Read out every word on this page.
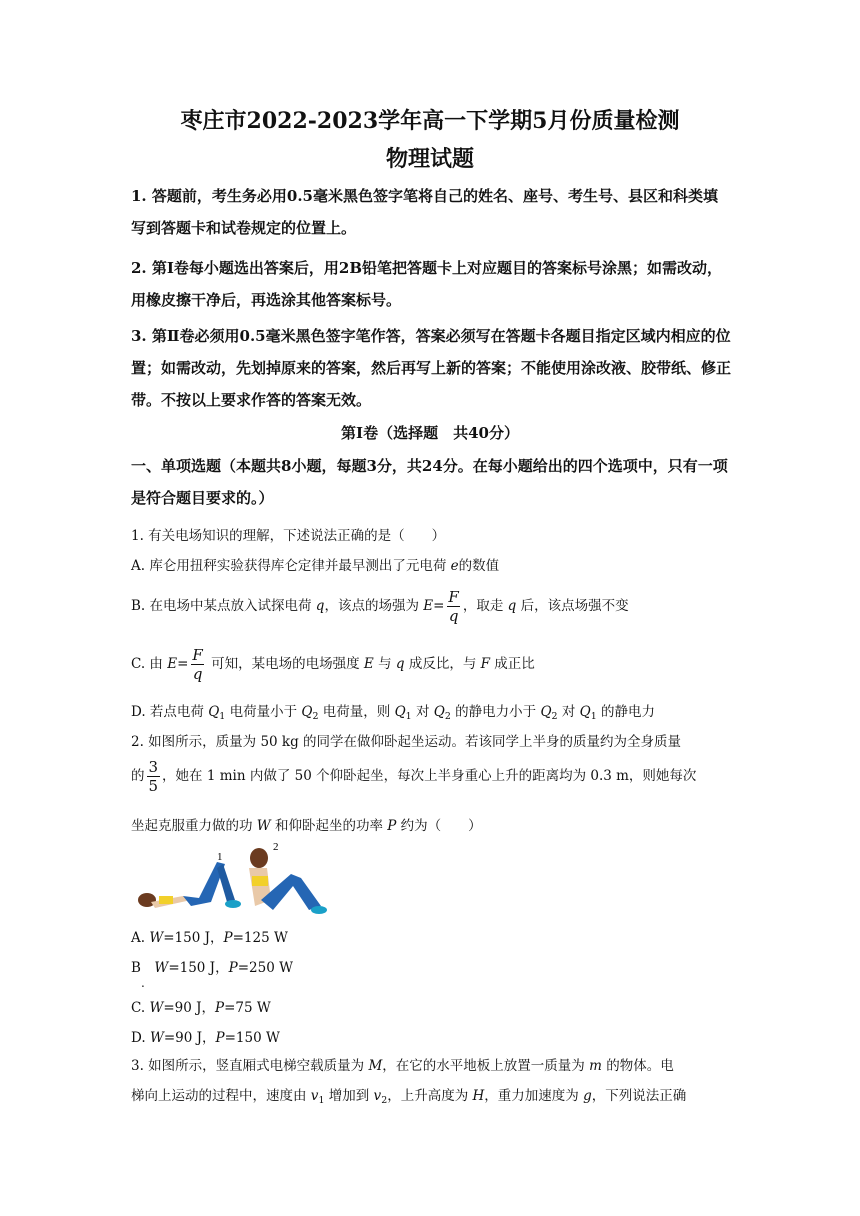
枣庄市2022-2023学年高一下学期5月份质量检测
物理试题
1. 答题前，考生务必用0.5毫米黑色签字笔将自己的姓名、座号、考生号、县区和科类填写到答题卡和试卷规定的位置上。
2. 第Ⅰ卷每小题选出答案后，用2B铅笔把答题卡上对应题目的答案标号涂黑；如需改动，用橡皮擦干净后，再选涂其他答案标号。
3. 第Ⅱ卷必须用0.5毫米黑色签字笔作答，答案必须写在答题卡各题目指定区域内相应的位置；如需改动，先划掉原来的答案，然后再写上新的答案；不能使用涂改液、胶带纸、修正带。不按以上要求作答的答案无效。
第Ⅰ卷（选择题　共40分）
一、单项选题（本题共8小题，每题3分，共24分。在每小题给出的四个选项中，只有一项是符合题目要求的。）
1. 有关电场知识的理解，下述说法正确的是（　　）
A. 库仑用扭秤实验获得库仑定律并最早测出了元电荷 e的数值
B. 在电场中某点放入试探电荷 q，该点的场强为 $E= \frac{F}{q}$ ，取走 q 后，该点场强不变
C. 由 $E= \frac{F}{q}$ 可知，某电场的电场强度 E 与 q 成反比，与 F 成正比
D. 若点电荷 $Q_1$ 电荷量小于 $Q_2$ 电荷量，则 $Q_1$ 对 $Q_2$ 的静电力小于 $Q_2$ 对 $Q_1$ 的静电力
2. 如图所示，质量为 50 kg 的同学在做仰卧起坐运动。若该同学上半身的质量约为全身质量
的 $\frac{3}{5}$ ，她在 1 min 内做了 50 个仰卧起坐，每次上半身重心上升的距离均为 0.3 m，则她每次
坐起克服重力做的功 W 和仰卧起坐的功率 P 约为（　　）
1
2
A. W=150 J，P=125 W
B　W=150 J，P=250 W
.
C. W=90 J，P=75 W
D. W=90 J，P=150 W
3. 如图所示，竖直厢式电梯空载质量为 M，在它的水平地板上放置一质量为 m 的物体。电
梯向上运动的过程中，速度由 $v_1$ 增加到 $v_2$，上升高度为 H，重力加速度为 g，下列说法正确
